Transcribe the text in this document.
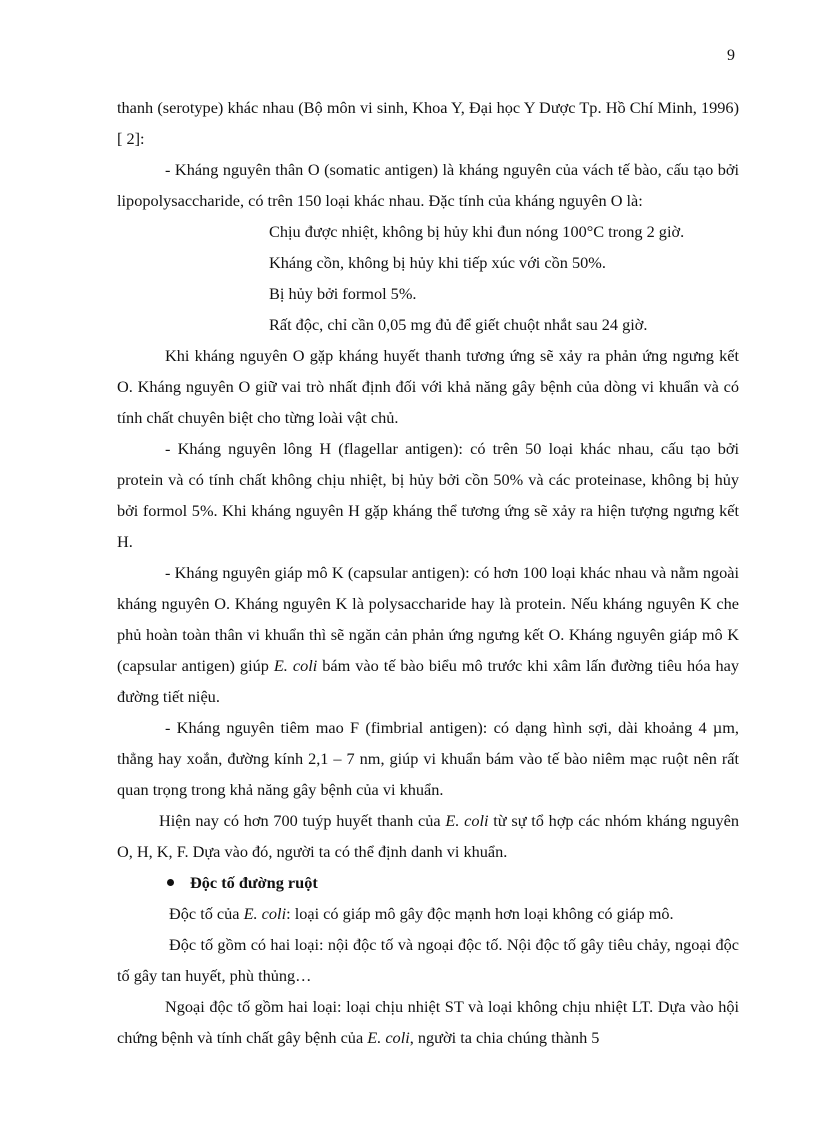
9

thanh (serotype) khác nhau (Bộ môn vi sinh, Khoa Y, Đại học Y Dược Tp. Hồ Chí Minh, 1996)[ 2]:

- Kháng nguyên thân O (somatic antigen) là kháng nguyên của vách tế bào, cấu tạo bởi lipopolysaccharide, có trên 150 loại khác nhau. Đặc tính của kháng nguyên O là:

Chịu được nhiệt, không bị hủy khi đun nóng 100°C trong 2 giờ.

Kháng cồn, không bị hủy khi tiếp xúc với cồn 50%.

Bị hủy bởi formol 5%.

Rất độc, chỉ cần 0,05 mg đủ để giết chuột nhắt sau 24 giờ.

Khi kháng nguyên O gặp kháng huyết thanh tương ứng sẽ xảy ra phản ứng ngưng kết O. Kháng nguyên O giữ vai trò nhất định đối với khả năng gây bệnh của dòng vi khuẩn và có tính chất chuyên biệt cho từng loài vật chủ.

- Kháng nguyên lông H (flagellar antigen): có trên 50 loại khác nhau, cấu tạo bởi protein và có tính chất không chịu nhiệt, bị hủy bởi cồn 50% và các proteinase, không bị hủy bởi formol 5%. Khi kháng nguyên H gặp kháng thể tương ứng sẽ xảy ra hiện tượng ngưng kết H.

- Kháng nguyên giáp mô K (capsular antigen): có hơn 100 loại khác nhau và nằm ngoài kháng nguyên O. Kháng nguyên K là polysaccharide hay là protein. Nếu kháng nguyên K che phủ hoàn toàn thân vi khuẩn thì sẽ ngăn cản phản ứng ngưng kết O. Kháng nguyên giáp mô K (capsular antigen) giúp E. coli bám vào tế bào biểu mô trước khi xâm lấn đường tiêu hóa hay đường tiết niệu.

- Kháng nguyên tiêm mao F (fimbrial antigen): có dạng hình sợi, dài khoảng 4 µm, thẳng hay xoắn, đường kính 2,1 – 7 nm, giúp vi khuẩn bám vào tế bào niêm mạc ruột nên rất quan trọng trong khả năng gây bệnh của vi khuẩn.

Hiện nay có hơn 700 tuýp huyết thanh của E. coli từ sự tổ hợp các nhóm kháng nguyên O, H, K, F. Dựa vào đó, người ta có thể định danh vi khuẩn.

Độc tố đường ruột

Độc tố của E. coli: loại có giáp mô gây độc mạnh hơn loại không có giáp mô.

Độc tố gồm có hai loại: nội độc tố và ngoại độc tố. Nội độc tố gây tiêu chảy, ngoại độc tố gây tan huyết, phù thủng…

Ngoại độc tố gồm hai loại: loại chịu nhiệt ST và loại không chịu nhiệt LT. Dựa vào hội chứng bệnh và tính chất gây bệnh của E. coli, người ta chia chúng thành 5
